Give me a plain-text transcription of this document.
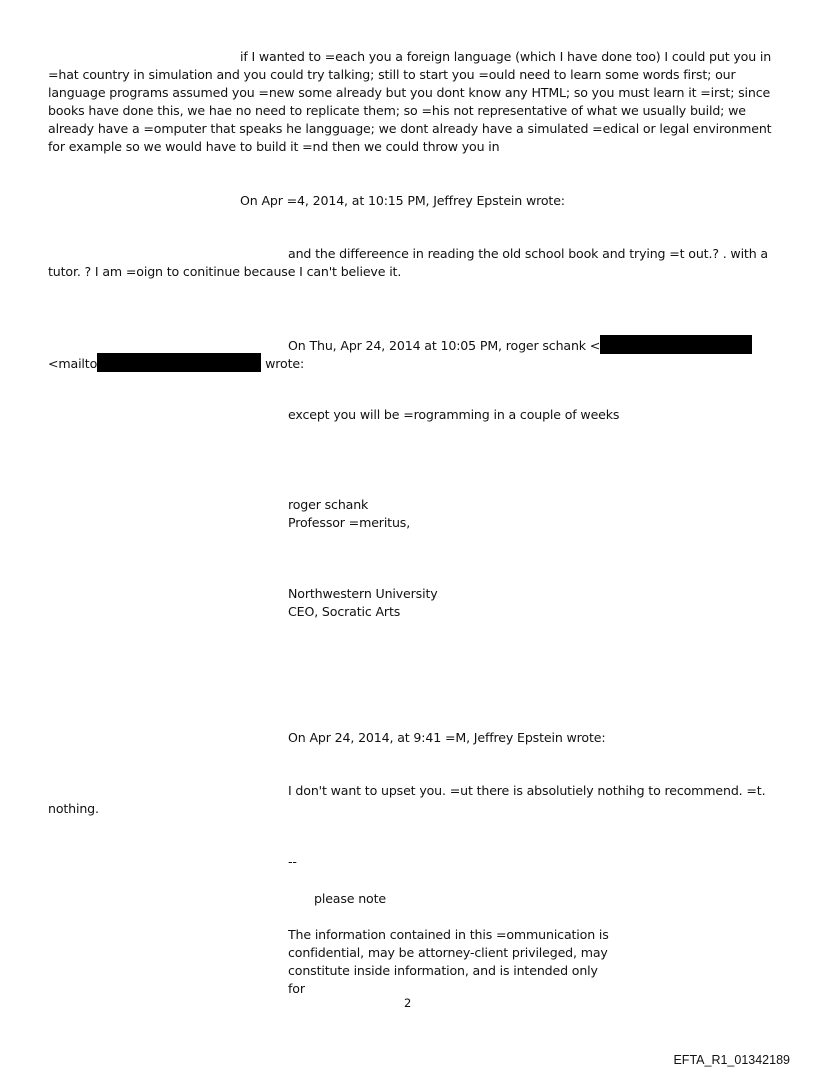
if I wanted to =each you a foreign language (which I have done too) I could put you in =hat country in simulation and you could try talking; still to start you =ould need to learn some words first; our language programs assumed you =new some already but you dont know any HTML; so you must learn it =irst; since books have done this, we hae no need to replicate them; so =his not representative of what we usually build; we already have a =omputer that speaks he langguage; we dont already have a simulated =edical or legal environment for example so we would have to build it =nd then we could throw you in

On Apr =4, 2014, at 10:15 PM, Jeffrey Epstein wrote:

and the differeence in reading the old school book and trying =t out.? . with a tutor. ? I am =oign to conitinue because I can't believe it.

On Thu, Apr 24, 2014 at 10:05 PM, roger schank <
<mailto	wrote:

except you will be =rogramming in a couple of weeks

roger schank

Professor =meritus,

Northwestern University

CEO, Socratic Arts

On Apr 24, 2014, at 9:41 =M, Jeffrey Epstein wrote:

I don't want to upset you. =ut there is absolutiely nothihg to recommend. =t.

nothing.

--

please note

The information contained in this =ommunication is confidential, may be attorney-client privileged, may constitute inside information, and is intended only for

2
EFTA_R1_01342189
